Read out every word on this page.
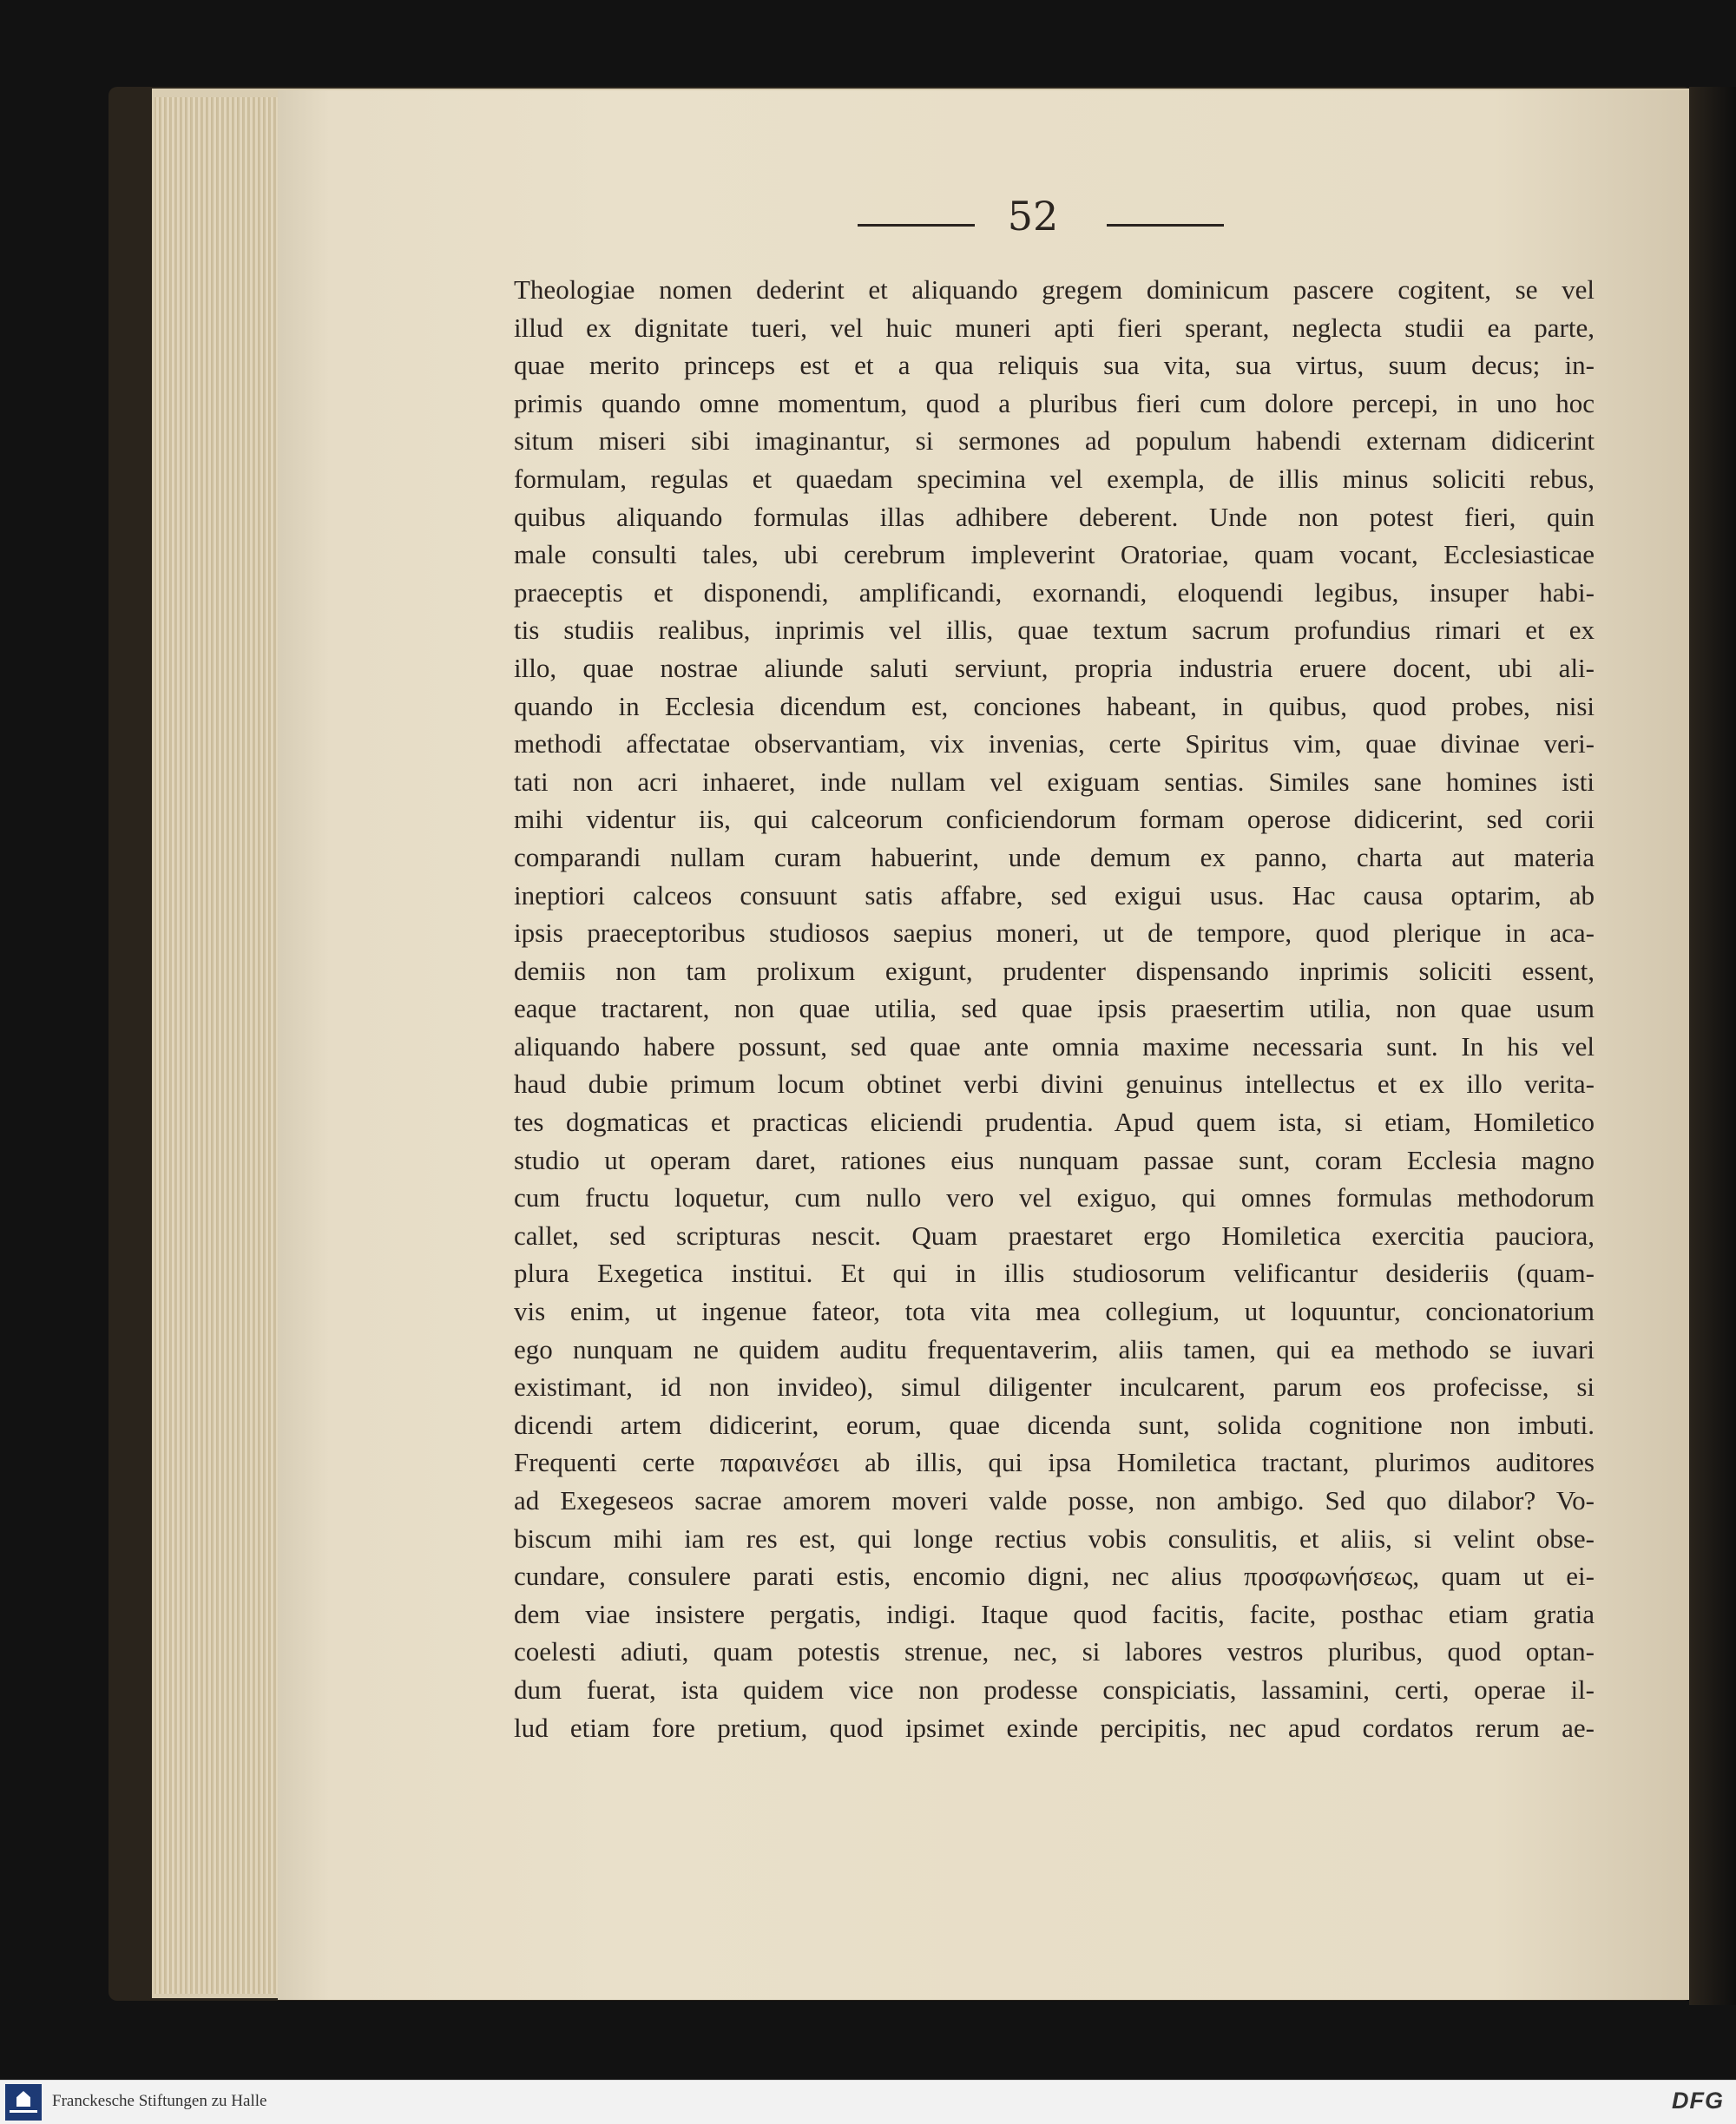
52
Theologiae nomen dederint et aliquando gregem dominicum pascere cogitent, se vel
illud ex dignitate tueri, vel huic muneri apti fieri sperant, neglecta studii ea parte,
quae merito princeps est et a qua reliquis sua vita, sua virtus, suum decus; in-
primis quando omne momentum, quod a pluribus fieri cum dolore percepi, in uno hoc
situm miseri sibi imaginantur, si sermones ad populum habendi externam didicerint
formulam, regulas et quaedam specimina vel exempla, de illis minus soliciti rebus,
quibus aliquando formulas illas adhibere deberent. Unde non potest fieri, quin
male consulti tales, ubi cerebrum impleverint Oratoriae, quam vocant, Ecclesiasticae
praeceptis et disponendi, amplificandi, exornandi, eloquendi legibus, insuper habi-
tis studiis realibus, inprimis vel illis, quae textum sacrum profundius rimari et ex
illo, quae nostrae aliunde saluti serviunt, propria industria eruere docent, ubi ali-
quando in Ecclesia dicendum est, conciones habeant, in quibus, quod probes, nisi
methodi affectatae observantiam, vix invenias, certe Spiritus vim, quae divinae veri-
tati non acri inhaeret, inde nullam vel exiguam sentias. Similes sane homines isti
mihi videntur iis, qui calceorum conficiendorum formam operose didicerint, sed corii
comparandi nullam curam habuerint, unde demum ex panno, charta aut materia
ineptiori calceos consuunt satis affabre, sed exigui usus. Hac causa optarim, ab
ipsis praeceptoribus studiosos saepius moneri, ut de tempore, quod plerique in aca-
demiis non tam prolixum exigunt, prudenter dispensando inprimis soliciti essent,
eaque tractarent, non quae utilia, sed quae ipsis praesertim utilia, non quae usum
aliquando habere possunt, sed quae ante omnia maxime necessaria sunt. In his vel
haud dubie primum locum obtinet verbi divini genuinus intellectus et ex illo verita-
tes dogmaticas et practicas eliciendi prudentia. Apud quem ista, si etiam, Homiletico
studio ut operam daret, rationes eius nunquam passae sunt, coram Ecclesia magno
cum fructu loquetur, cum nullo vero vel exiguo, qui omnes formulas methodorum
callet, sed scripturas nescit. Quam praestaret ergo Homiletica exercitia pauciora,
plura Exegetica institui. Et qui in illis studiosorum velificantur desideriis (quam-
vis enim, ut ingenue fateor, tota vita mea collegium, ut loquuntur, concionatorium
ego nunquam ne quidem auditu frequentaverim, aliis tamen, qui ea methodo se iuvari
existimant, id non invideo), simul diligenter inculcarent, parum eos profecisse, si
dicendi artem didicerint, eorum, quae dicenda sunt, solida cognitione non imbuti.
Frequenti certe παραινέσει ab illis, qui ipsa Homiletica tractant, plurimos auditores
ad Exegeseos sacrae amorem moveri valde posse, non ambigo. Sed quo dilabor? Vo-
biscum mihi iam res est, qui longe rectius vobis consulitis, et aliis, si velint obse-
cundare, consulere parati estis, encomio digni, nec alius προσφωνήσεως, quam ut ei-
dem viae insistere pergatis, indigi. Itaque quod facitis, facite, posthac etiam gratia
coelesti adiuti, quam potestis strenue, nec, si labores vestros pluribus, quod optan-
dum fuerat, ista quidem vice non prodesse conspiciatis, lassamini, certi, operae il-
lud etiam fore pretium, quod ipsimet exinde percipitis, nec apud cordatos rerum ae-
Franckesche Stiftungen zu Halle	DFG
